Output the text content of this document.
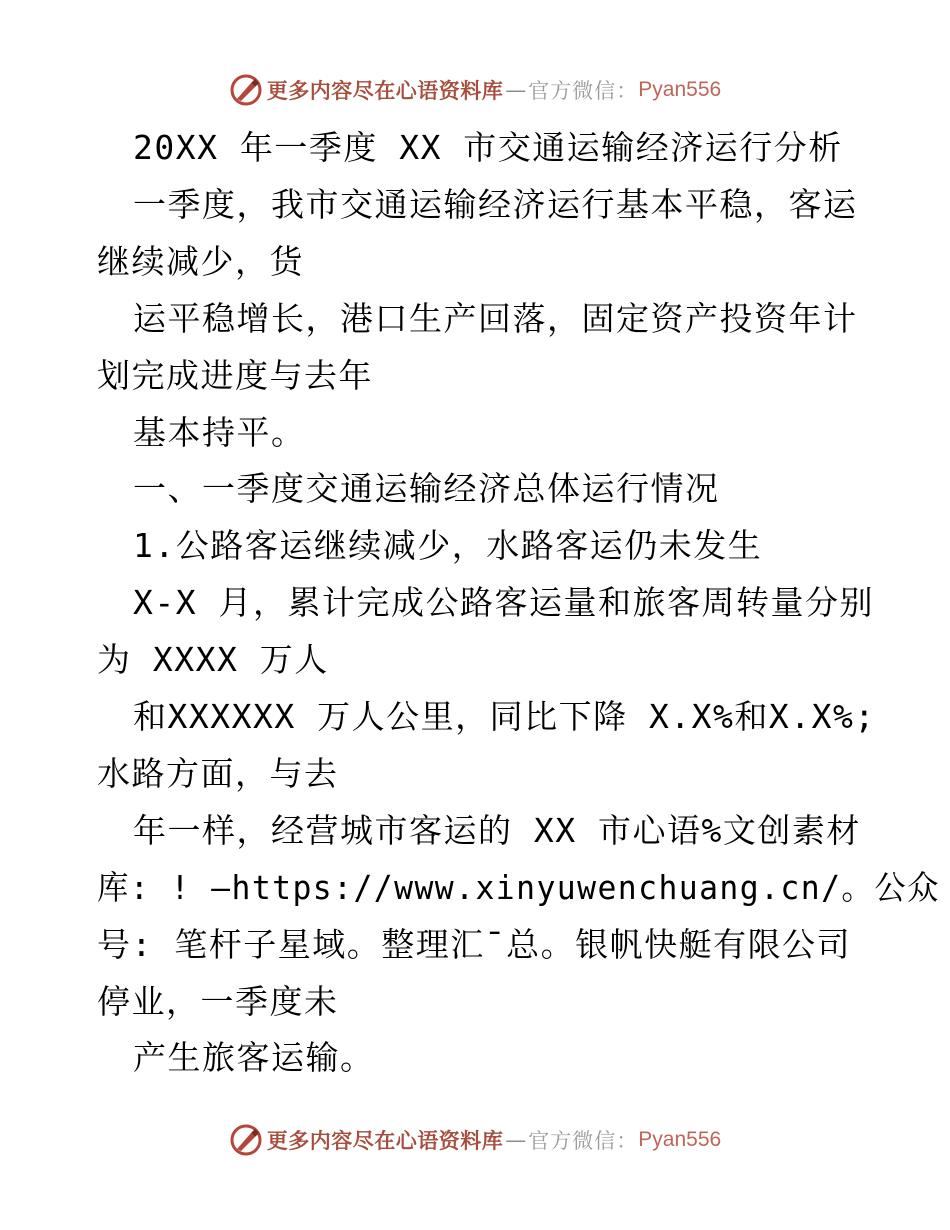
更多内容尽在心语资料库 — 官方微信： Pyan556
20XX 年一季度 XX 市交通运输经济运行分析
一季度，我市交通运输经济运行基本平稳，客运
继续减少，货
运平稳增长，港口生产回落，固定资产投资年计
划完成进度与去年
基本持平。
一、一季度交通运输经济总体运行情况
1.公路客运继续减少，水路客运仍未发生
X-X 月，累计完成公路客运量和旅客周转量分别
为 XXXX 万人
和XXXXXX 万人公里，同比下降 X.X%和X.X%;
水路方面，与去
年一样，经营城市客运的 XX 市心语%文创素材
库: ! —https://www.xinyuwenchuang.cn/。公众
号: 笔杆子星域。整理汇¯总。银帆快艇有限公司
停业，一季度未
产生旅客运输。
更多内容尽在心语资料库 — 官方微信： Pyan556
